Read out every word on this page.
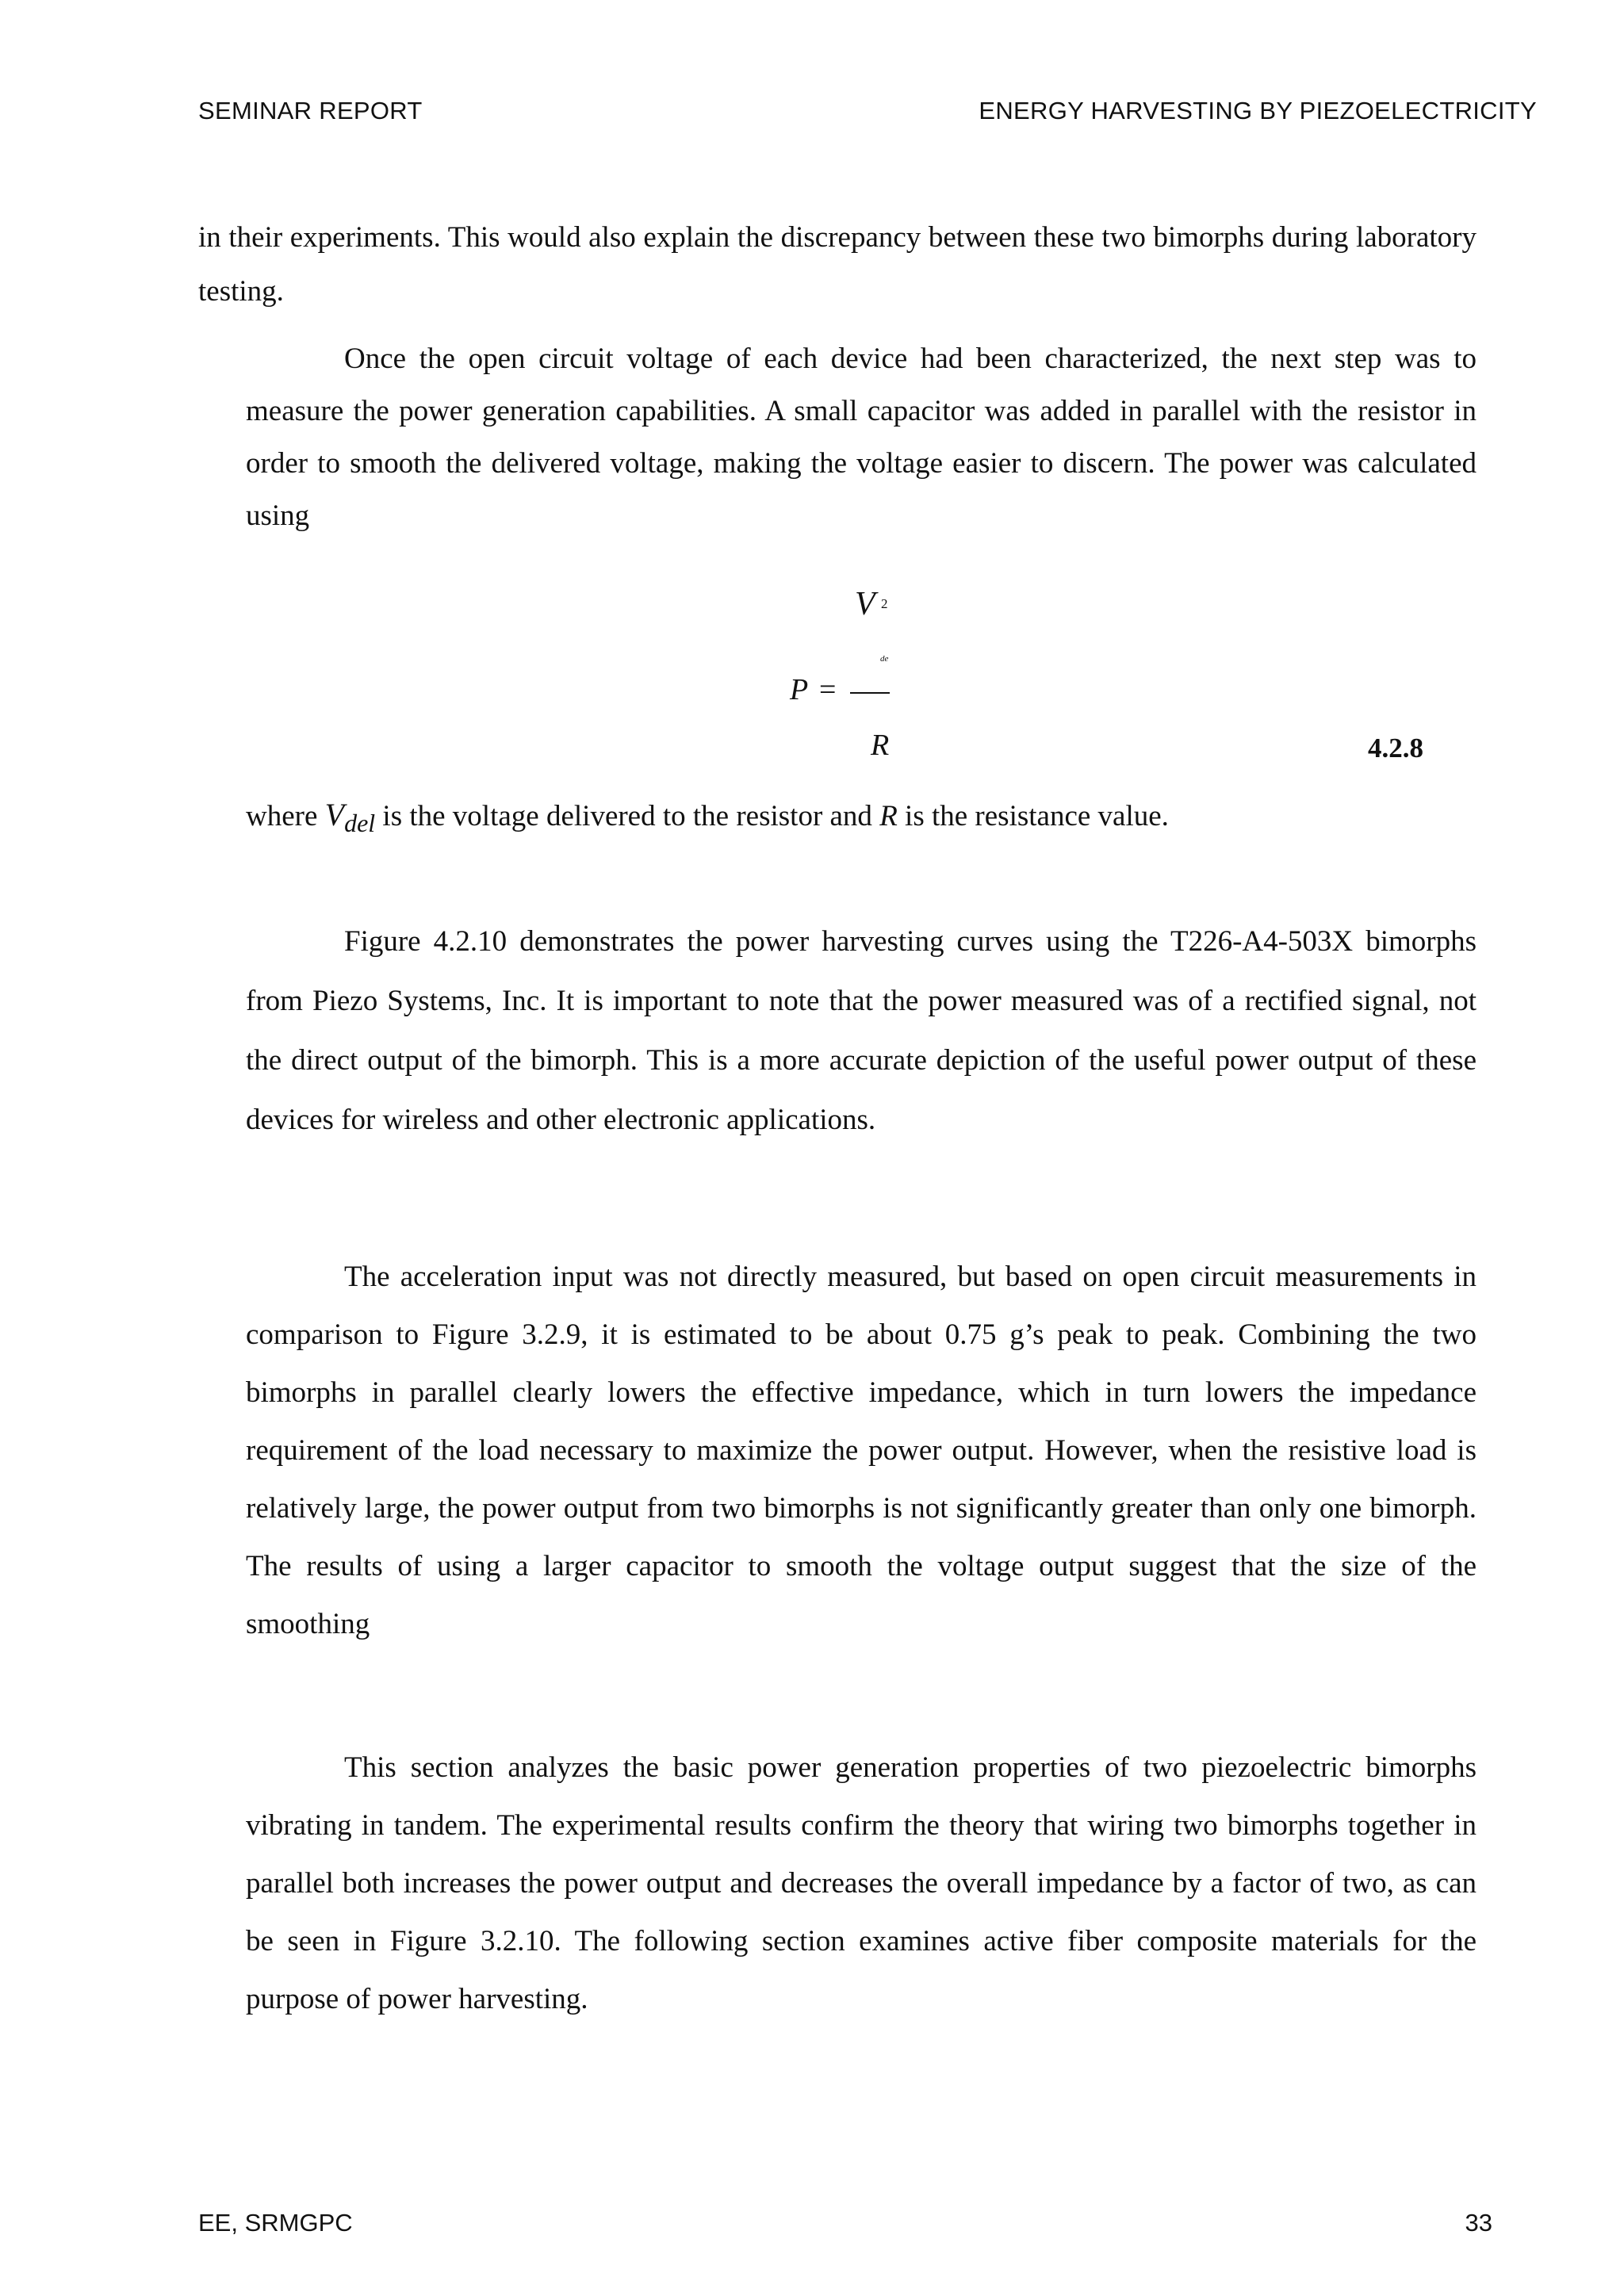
SEMINAR REPORT	ENERGY HARVESTING BY PIEZOELECTRICITY
in their experiments. This would also explain the discrepancy between these two bimorphs during laboratory testing.
Once the open circuit voltage of each device had been characterized, the next step was to measure the power generation capabilities. A small capacitor was added in parallel with the resistor in order to smooth the delivered voltage, making the voltage easier to discern. The power was calculated using
V 2
de
P =
R	4.2.8
where Vdel is the voltage delivered to the resistor and R is the resistance value.
Figure 4.2.10 demonstrates the power harvesting curves using the T226-A4-503X bimorphs from Piezo Systems, Inc. It is important to note that the power measured was of a rectified signal, not the direct output of the bimorph. This is a more accurate depiction of the useful power output of these devices for wireless and other electronic applications.
The acceleration input was not directly measured, but based on open circuit measurements in comparison to Figure 3.2.9, it is estimated to be about 0.75 g’s peak to peak. Combining the two bimorphs in parallel clearly lowers the effective impedance, which in turn lowers the impedance requirement of the load necessary to maximize the power output. However, when the resistive load is relatively large, the power output from two bimorphs is not significantly greater than only one bimorph. The results of using a larger capacitor to smooth the voltage output suggest that the size of the smoothing
This section analyzes the basic power generation properties of two piezoelectric bimorphs vibrating in tandem. The experimental results confirm the theory that wiring two bimorphs together in parallel both increases the power output and decreases the overall impedance by a factor of two, as can be seen in Figure 3.2.10. The following section examines active fiber composite materials for the purpose of power harvesting.
EE, SRMGPC	33
